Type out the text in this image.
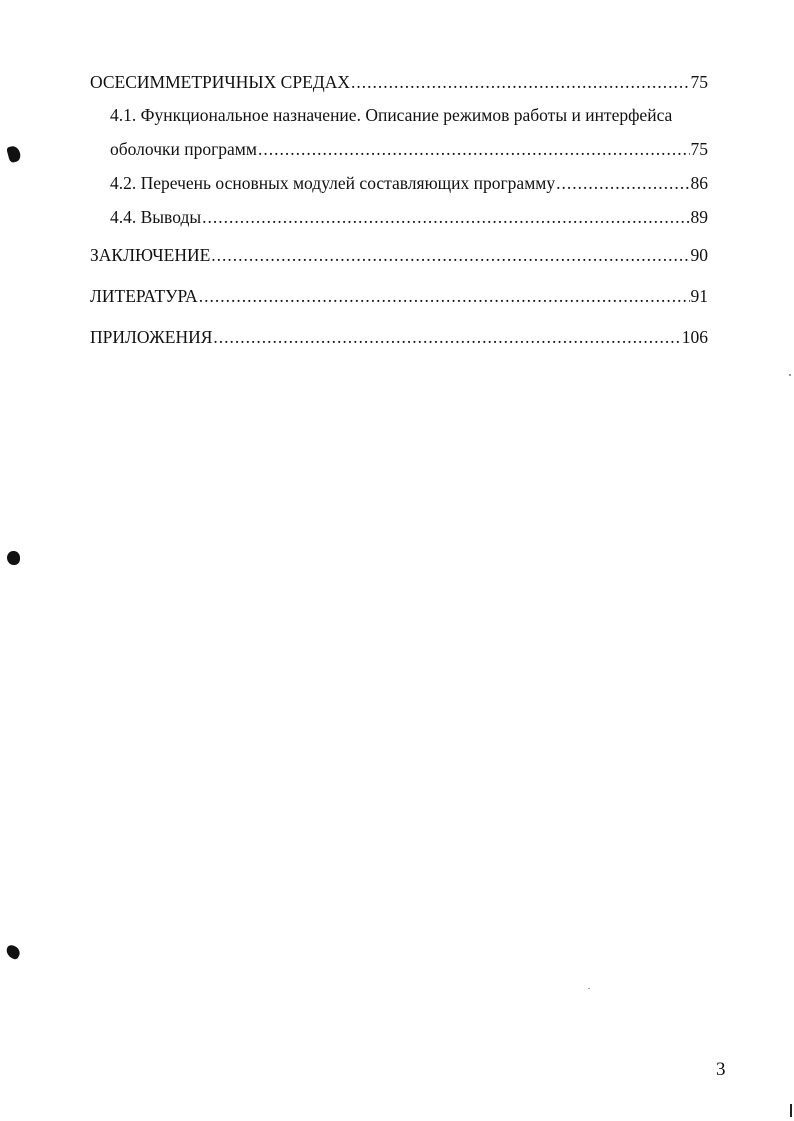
ОСЕСИММЕТРИЧНЫХ СРЕДАХ .....	75
4.1. Функциональное назначение. Описание режимов работы и интерфейса
оболочки программ .....	75
4.2. Перечень основных модулей составляющих программу .....	86
4.4. Выводы .....	89
ЗАКЛЮЧЕНИЕ .....	90
ЛИТЕРАТУРА .....	91
ПРИЛОЖЕНИЯ .....	106
3
